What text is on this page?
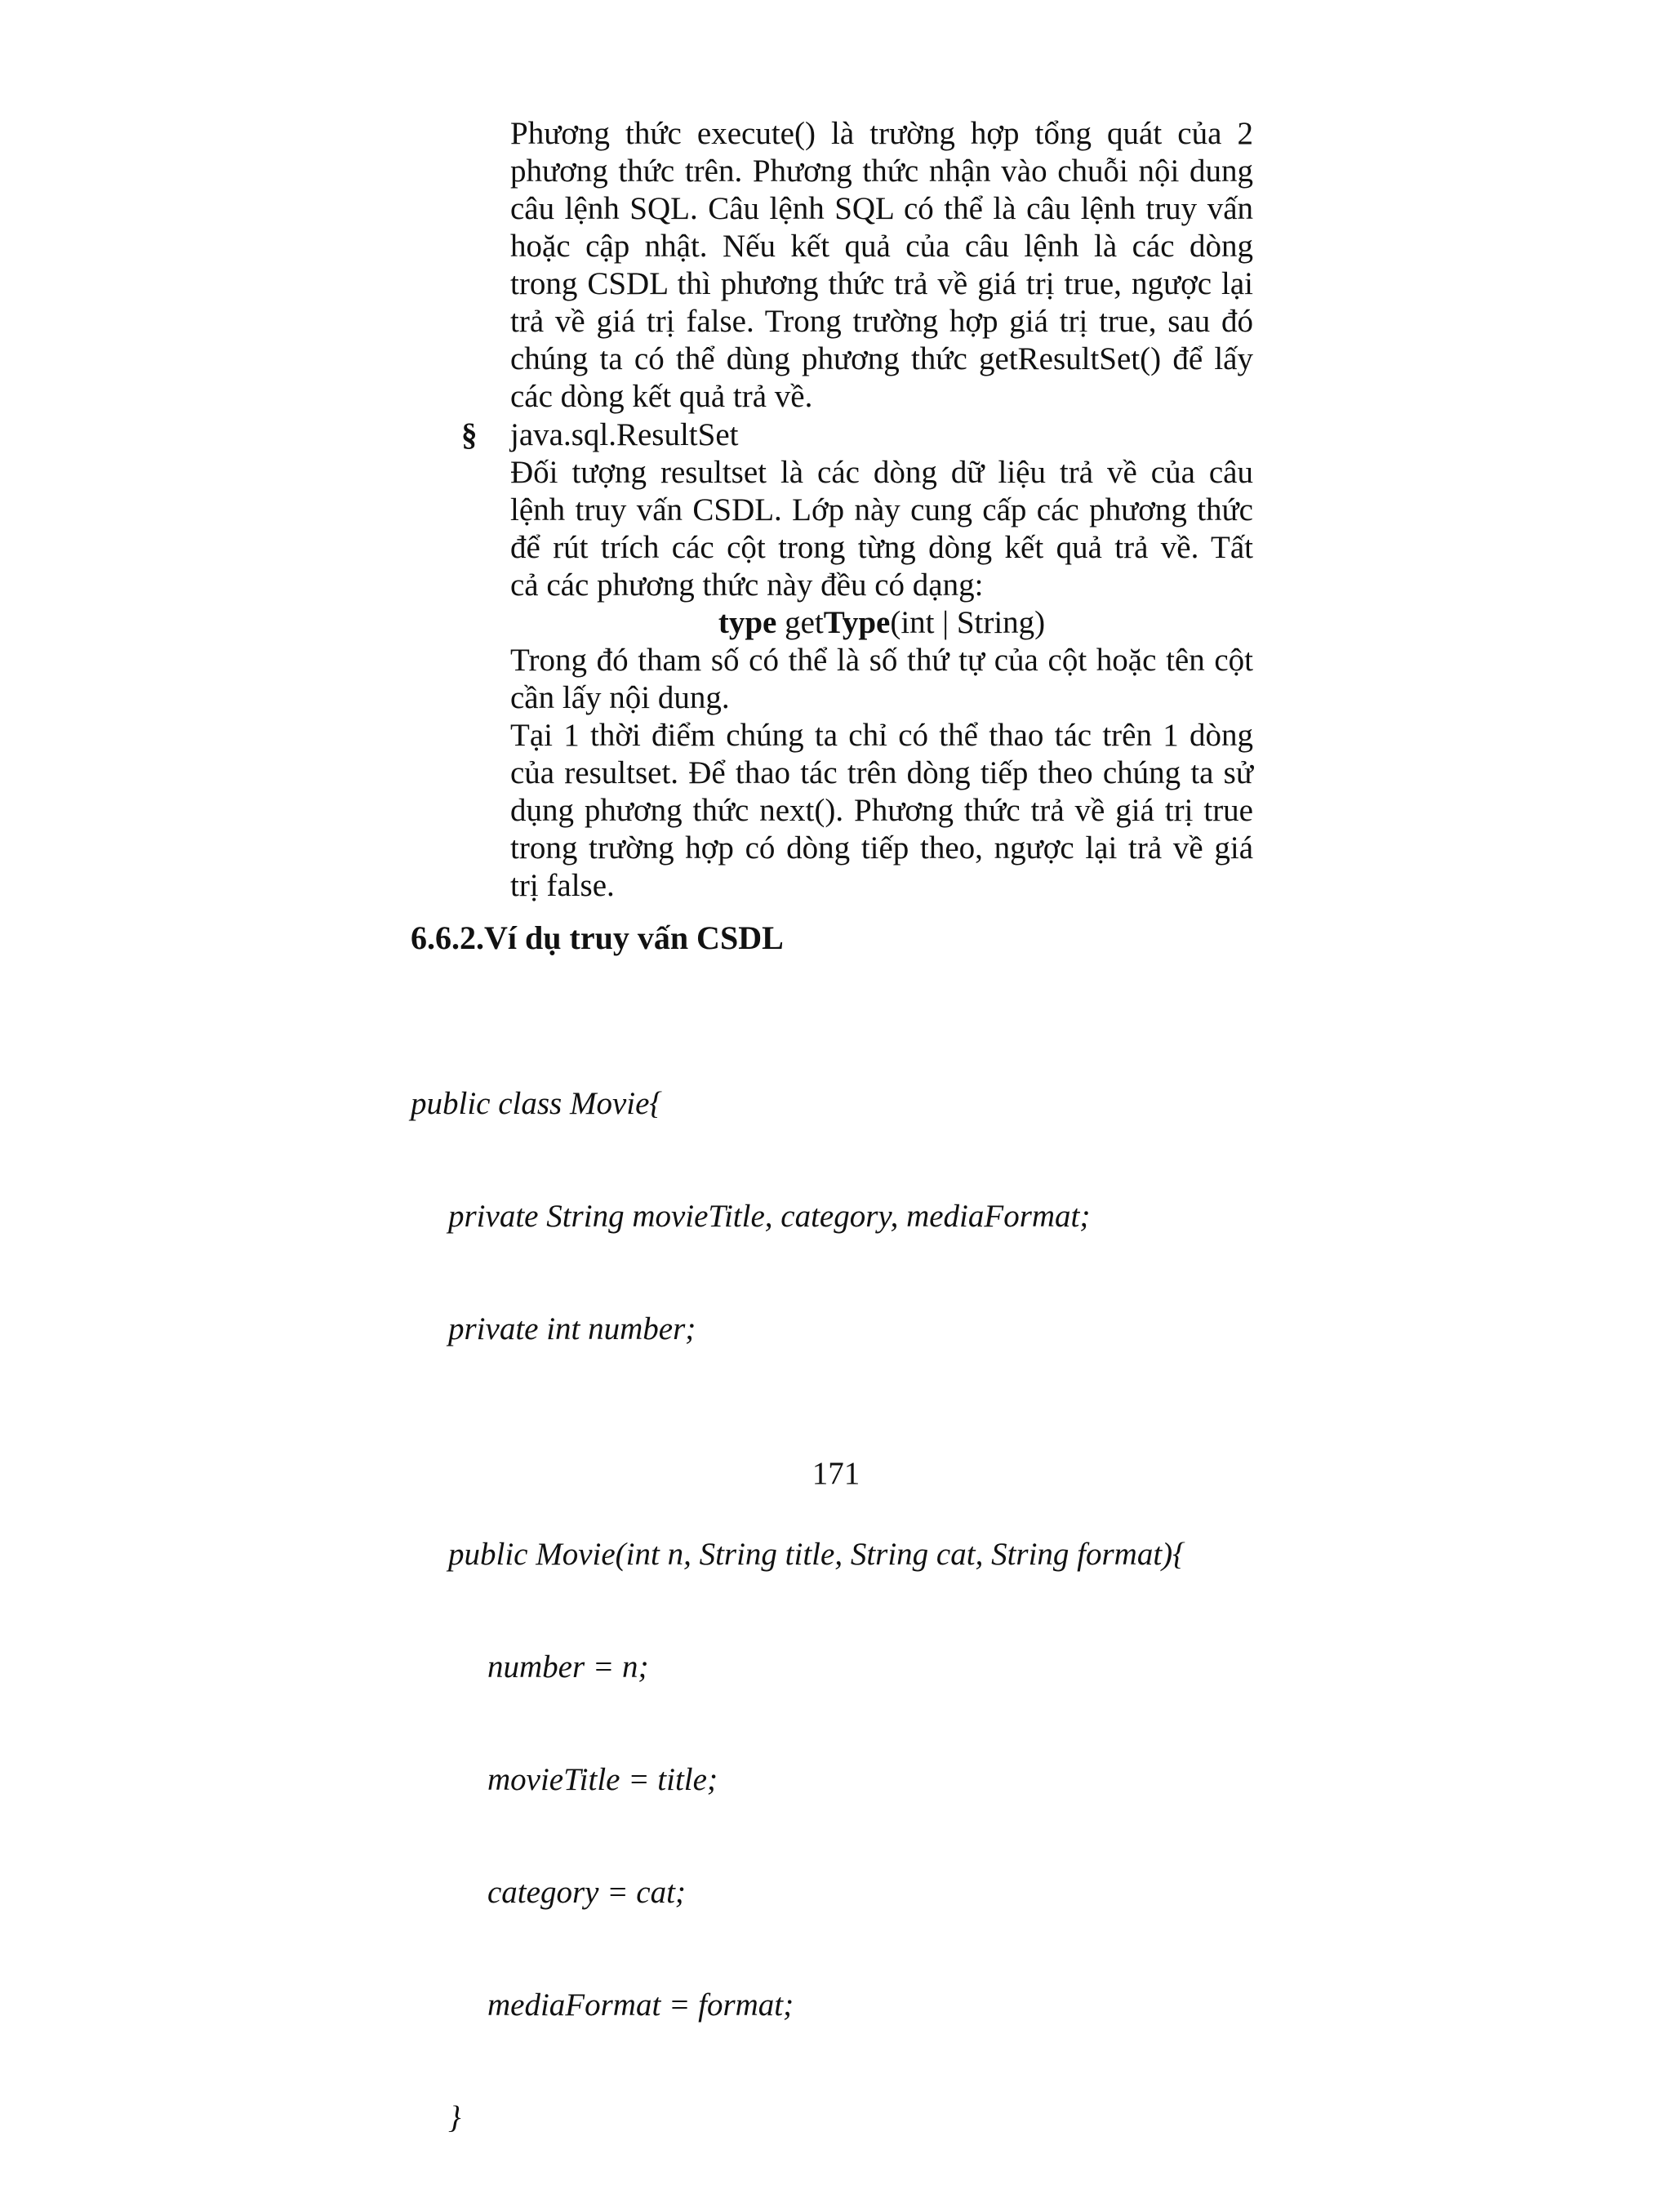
Phương thức execute() là trường hợp tổng quát của 2
phương thức trên. Phương thức nhận vào chuỗi nội dung
câu lệnh SQL. Câu lệnh SQL có thể là câu lệnh truy vấn
hoặc cập nhật. Nếu kết quả của câu lệnh là các dòng
trong CSDL thì phương thức trả về giá trị true, ngược lại
trả về giá trị false. Trong trường hợp giá trị true, sau đó
chúng ta có thể dùng phương thức getResultSet() để lấy
các dòng kết quả trả về.
§ java.sql.ResultSet
Đối tượng resultset là các dòng dữ liệu trả về của câu
lệnh truy vấn CSDL. Lớp này cung cấp các phương thức
để rút trích các cột trong từng dòng kết quả trả về. Tất
cả các phương thức này đều có dạng:
type getType(int | String)
Trong đó tham số có thể là số thứ tự của cột hoặc tên cột
cần lấy nội dung.
Tại 1 thời điểm chúng ta chỉ có thể thao tác trên 1 dòng
của resultset. Để thao tác trên dòng tiếp theo chúng ta sử
dụng phương thức next(). Phương thức trả về giá trị true
trong trường hợp có dòng tiếp theo, ngược lại trả về giá
trị false.
6.6.2.Ví dụ truy vấn CSDL

public class Movie{

private String movieTitle, category, mediaFormat;

private int number;

public Movie(int n, String title, String cat, String format){

number = n;

movieTitle = title;

category = cat;

mediaFormat = format;

}

171
